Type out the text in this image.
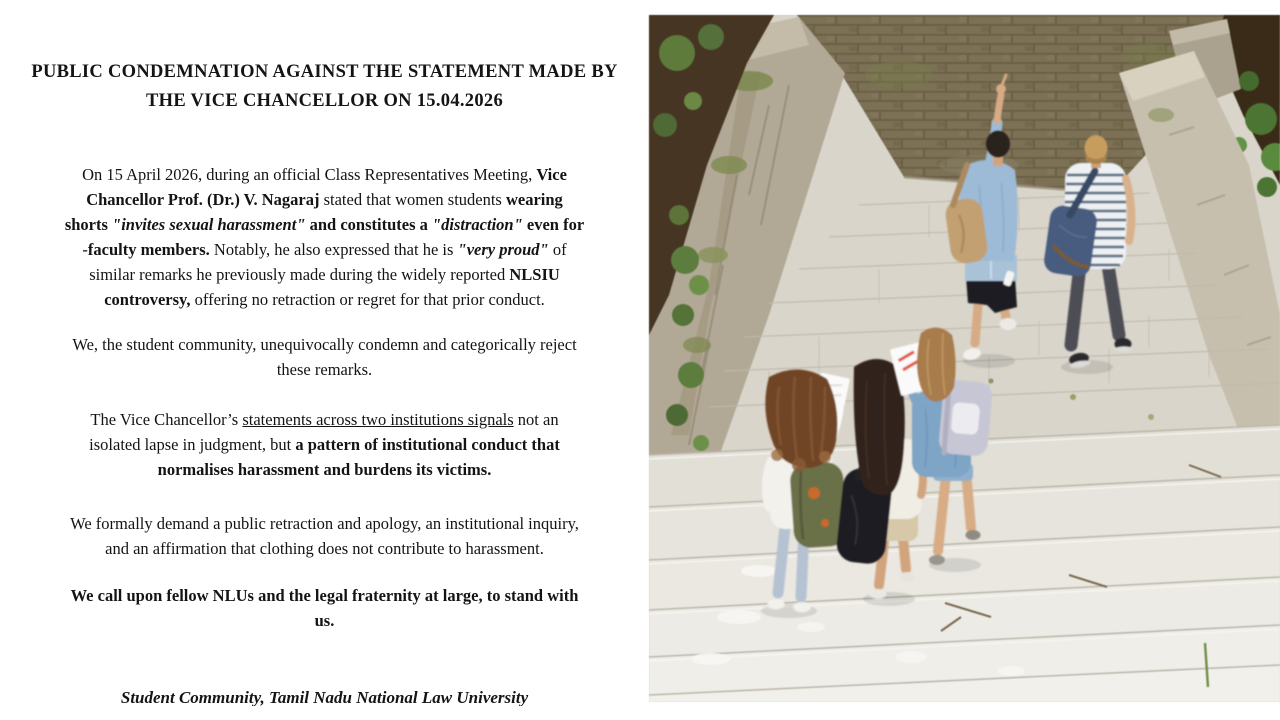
PUBLIC CONDEMNATION AGAINST THE STATEMENT MADE BY
THE VICE CHANCELLOR ON 15.04.2026
On 15 April 2026, during an official Class Representatives Meeting, Vice
Chancellor Prof. (Dr.) V. Nagaraj stated that women students wearing
shorts "invites sexual harassment" and constitutes a "distraction" even for
-faculty members. Notably, he also expressed that he is "very proud" of
similar remarks he previously made during the widely reported NLSIU
controversy, offering no retraction or regret for that prior conduct.
We, the student community, unequivocally condemn and categorically reject
these remarks.
The Vice Chancellor’s statements across two institutions signals not an
isolated lapse in judgment, but a pattern of institutional conduct that
normalises harassment and burdens its victims.
We formally demand a public retraction and apology, an institutional inquiry,
and an affirmation that clothing does not contribute to harassment.
We call upon fellow NLUs and the legal fraternity at large, to stand with
us.
Student Community, Tamil Nadu National Law University
